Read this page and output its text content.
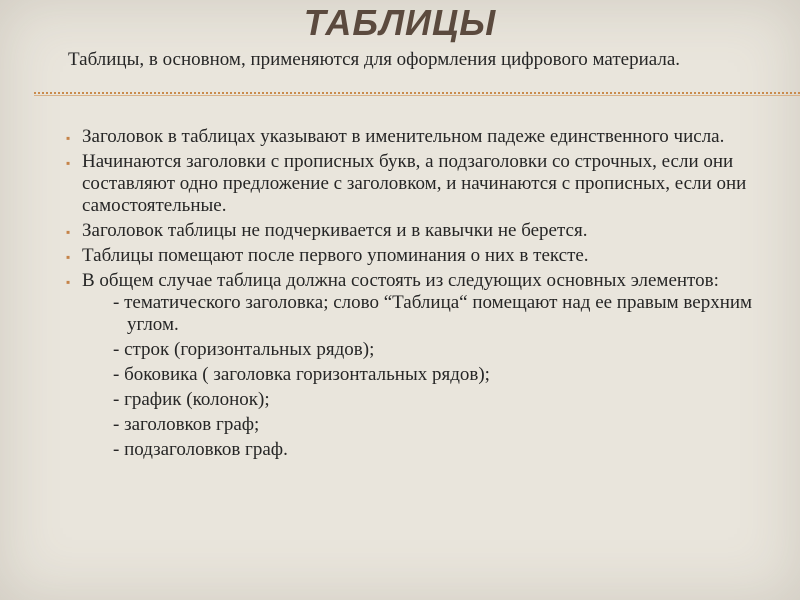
ТАБЛИЦЫ
Таблицы, в основном, применяются для оформления цифрового материала.
▪ Заголовок в таблицах указывают в именительном падеже единственного числа.
▪ Начинаются заголовки с прописных букв, а подзаголовки со строчных, если они составляют одно предложение с заголовком, и начинаются с прописных, если они самостоятельные.
▪ Заголовок таблицы не подчеркивается и в кавычки не берется.
▪ Таблицы помещают после первого упоминания о них в тексте.
▪ В общем случае таблица должна состоять из следующих основных элементов:
- тематического заголовка; слово “Таблица“ помещают над ее правым верхним углом.
- строк (горизонтальных рядов);
- боковика ( заголовка горизонтальных рядов);
- график (колонок);
- заголовков граф;
- подзаголовков граф.
